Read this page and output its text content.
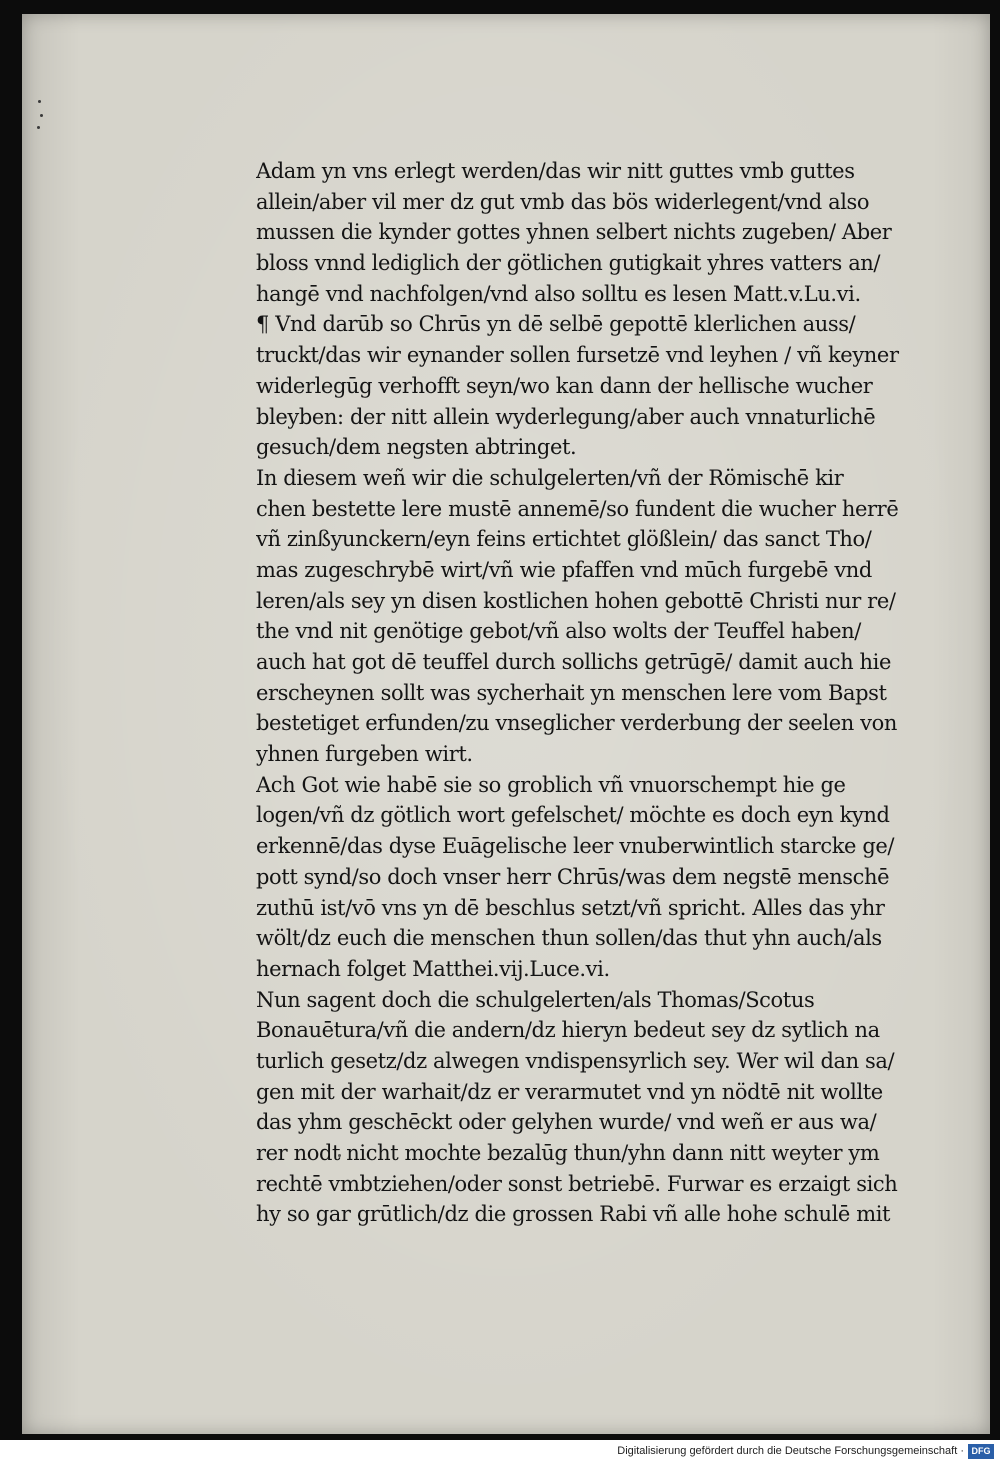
Adam yn vns erlegt werden/das wir nitt guttes vmb guttes
allein/aber vil mer dz gut vmb das bös widerlegent/vnd also
mussen die kynder gottes yhnen selbert nichts zugeben/ Aber
bloss vnnd lediglich der götlichen gutigkait yhres vatters an/
hangē vnd nachfolgen/vnd also solltu es lesen Matt.v.Lu.vi.
¶ Vnd darūb so Chrūs yn dē selbē gepottē klerlichen auss/
truckt/das wir eynander sollen fursetzē vnd leyhen / vñ keyner
widerlegūg verhofft seyn/wo kan dann der hellische wucher
bleyben: der nitt allein wyderlegung/aber auch vnnaturlichē
gesuch/dem negsten abtringet.
In diesem weñ wir die schulgelerten/vñ der Römischē kir
chen bestette lere mustē annemē/so fundent die wucher herrē
vñ zinßyunckern/eyn feins ertichtet glößlein/ das sanct Tho/
mas zugeschrybē wirt/vñ wie pfaffen vnd mūch furgebē vnd
leren/als sey yn disen kostlichen hohen gebottē Christi nur re/
the vnd nit genötige gebot/vñ also wolts der Teuffel haben/
auch hat got dē teuffel durch sollichs getrūgē/ damit auch hie
erscheynen sollt was sycherhait yn menschen lere vom Bapst
bestetiget erfunden/zu vnseglicher verderbung der seelen von
yhnen furgeben wirt.
Ach Got wie habē sie so groblich vñ vnuorschempt hie ge
logen/vñ dz götlich wort gefelschet/ möchte es doch eyn kynd
erkennē/das dyse Euāgelische leer vnuberwintlich starcke ge/
pott synd/so doch vnser herr Chrūs/was dem negstē menschē
zuthū ist/vō vns yn dē beschlus setzt/vñ spricht. Alles das yhr
wölt/dz euch die menschen thun sollen/das thut yhn auch/als
hernach folget Matthei.vij.Luce.vi.
Nun sagent doch die schulgelerten/als Thomas/Scotus
Bonauētura/vñ die andern/dz hieryn bedeut sey dz sytlich na
turlich gesetz/dz alwegen vndispensyrlich sey. Wer wil dan sa/
gen mit der warhait/dz er verarmutet vnd yn nödtē nit wollte
das yhm geschēckt oder gelyhen wurde/ vnd weñ er aus wa/
rer nodt nicht mochte bezalūg thun/yhn dann nitt weyter ym
rechtē vmbtziehen/oder sonst betriebē. Furwar es erzaigt sich
hy so gar grūtlich/dz die grossen Rabi vñ alle hohe schulē mit
Digitalisierung gefördert durch die Deutsche Forschungsgemeinschaft · DFG
